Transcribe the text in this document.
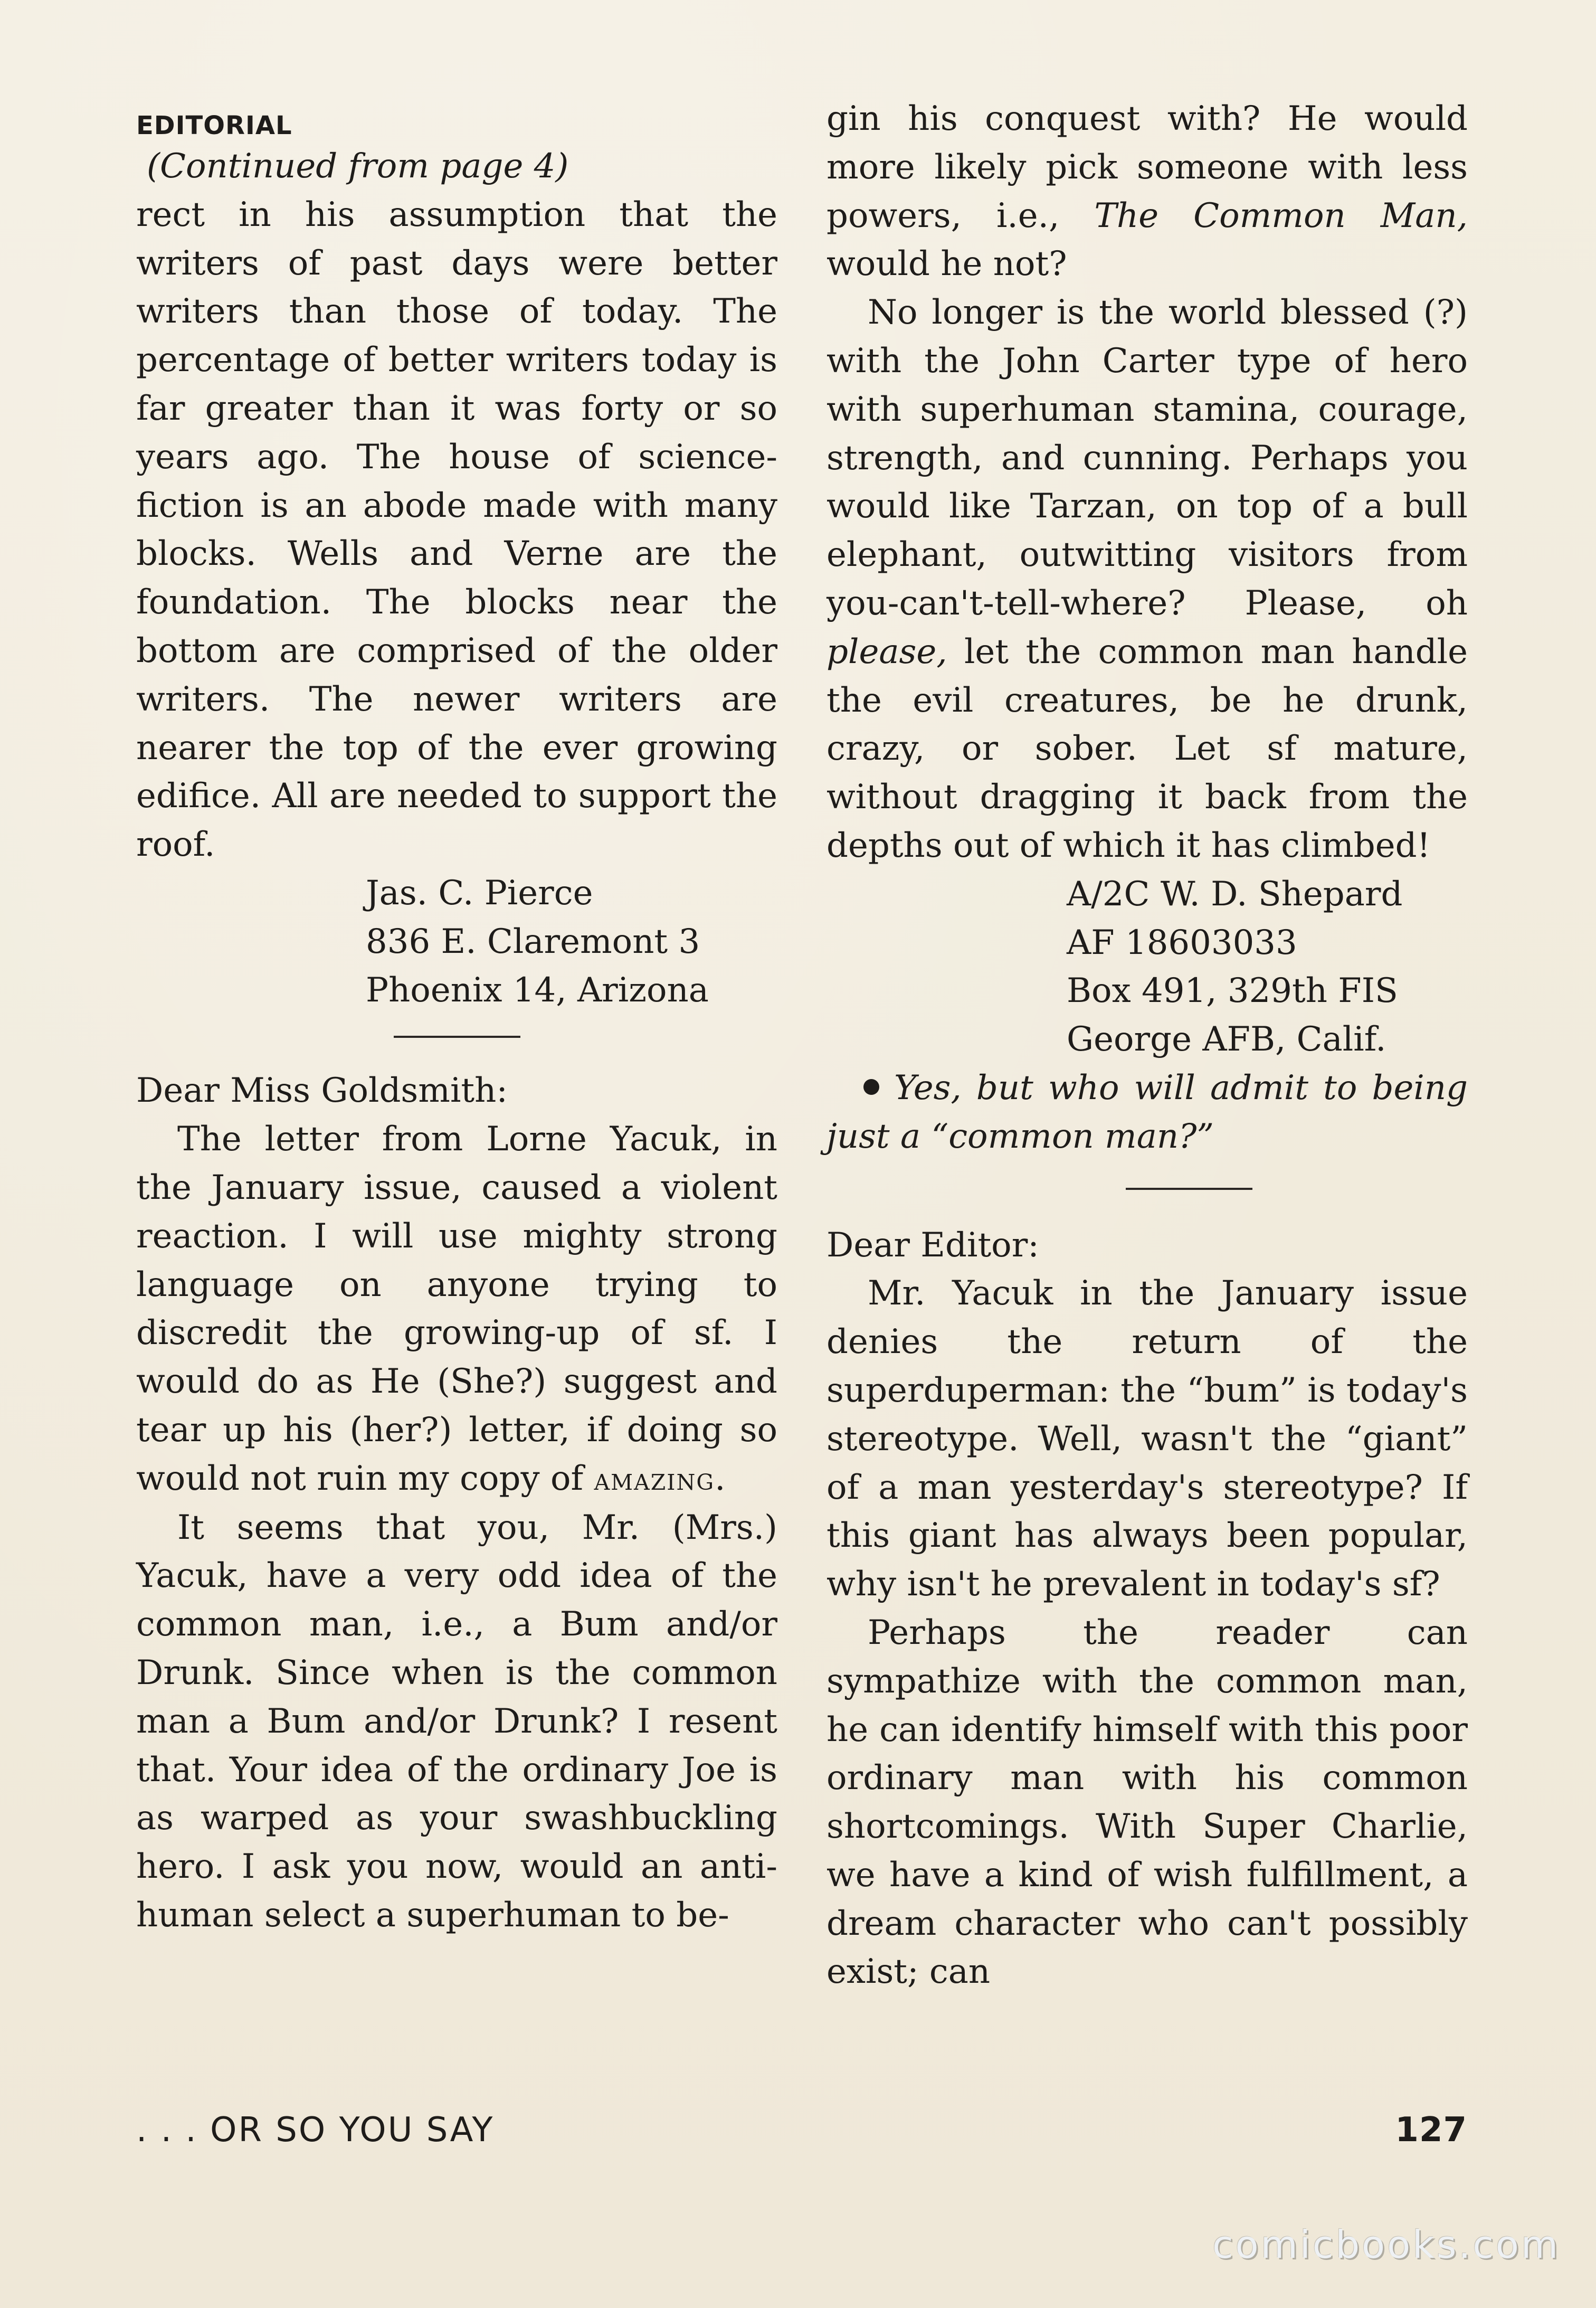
EDITORIAL

(Continued from page 4)

rect in his assumption that the writers of past days were better writers than those of today. The percentage of better writers today is far greater than it was forty or so years ago. The house of science-fiction is an abode made with many blocks. Wells and Verne are the foundation. The blocks near the bottom are comprised of the older writers. The newer writers are nearer the top of the ever growing edifice. All are needed to support the roof.

Jas. C. Pierce
836 E. Claremont 3
Phoenix 14, Arizona

Dear Miss Goldsmith:

The letter from Lorne Yacuk, in the January issue, caused a violent reaction. I will use mighty strong language on anyone trying to discredit the growing-up of sf. I would do as He (She?) suggest and tear up his (her?) letter, if doing so would not ruin my copy of amazing.

It seems that you, Mr. (Mrs.) Yacuk, have a very odd idea of the common man, i.e., a Bum and/or Drunk. Since when is the common man a Bum and/or Drunk? I resent that. Your idea of the ordinary Joe is as warped as your swashbuckling hero. I ask you now, would an anti-human select a superhuman to be-

gin his conquest with? He would more likely pick someone with less powers, i.e., The Common Man, would he not?

No longer is the world blessed (?) with the John Carter type of hero with superhuman stamina, courage, strength, and cunning. Perhaps you would like Tarzan, on top of a bull elephant, outwitting visitors from you-can't-tell-where? Please, oh please, let the common man handle the evil creatures, be he drunk, crazy, or sober. Let sf mature, without dragging it back from the depths out of which it has climbed!

A/2C W. D. Shepard
AF 18603033
Box 491, 329th FIS
George AFB, Calif.

Yes, but who will admit to being just a “common man?”

Dear Editor:

Mr. Yacuk in the January issue denies the return of the superduperman: the “bum” is today's stereotype. Well, wasn't the “giant” of a man yesterday's stereotype? If this giant has always been popular, why isn't he prevalent in today's sf?

Perhaps the reader can sympathize with the common man, he can identify himself with this poor ordinary man with his common shortcomings. With Super Charlie, we have a kind of wish fulfillment, a dream character who can't possibly exist; can

. . . OR SO YOU SAY	127
comicbooks.com
